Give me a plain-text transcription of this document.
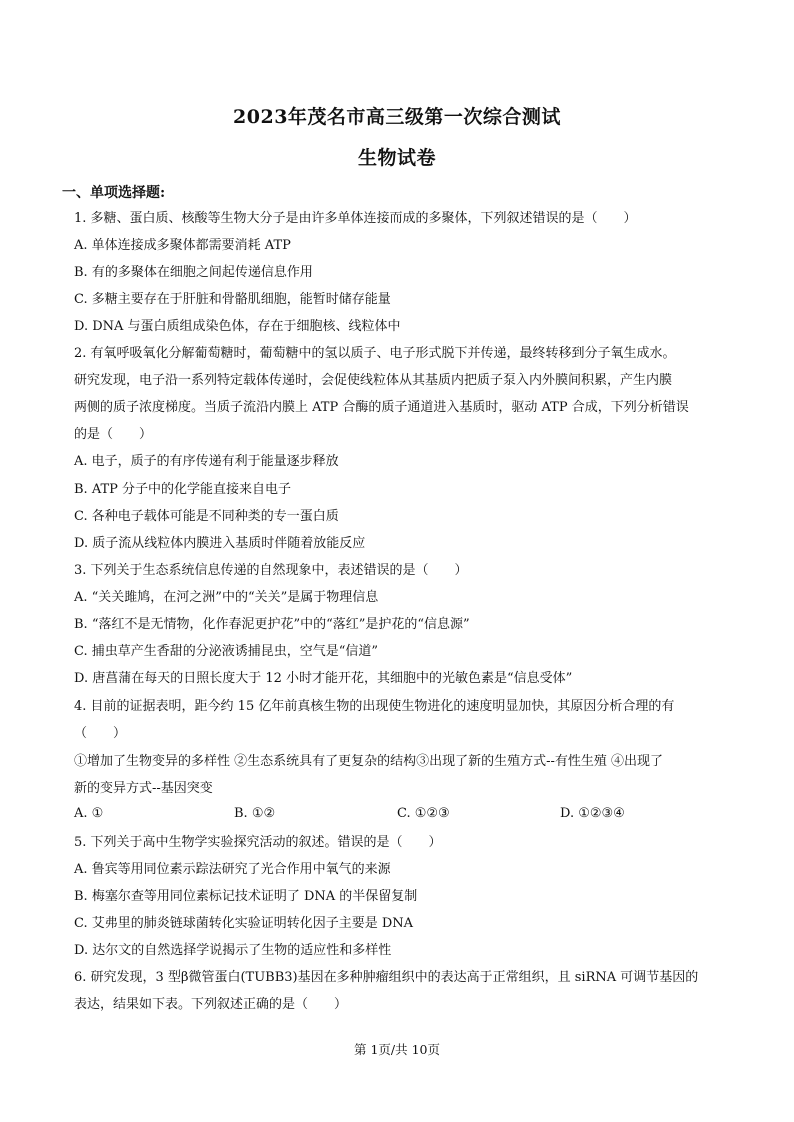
2023年茂名市高三级第一次综合测试
生物试卷
一、单项选择题:
1. 多糖、蛋白质、核酸等生物大分子是由许多单体连接而成的多聚体，下列叙述错误的是（　　）
A. 单体连接成多聚体都需要消耗 ATP
B. 有的多聚体在细胞之间起传递信息作用
C. 多糖主要存在于肝脏和骨骼肌细胞，能暂时储存能量
D. DNA 与蛋白质组成染色体，存在于细胞核、线粒体中
2. 有氧呼吸氧化分解葡萄糖时，葡萄糖中的氢以质子、电子形式脱下并传递，最终转移到分子氧生成水。
研究发现，电子沿一系列特定载体传递时，会促使线粒体从其基质内把质子泵入内外膜间积累，产生内膜
两侧的质子浓度梯度。当质子流沿内膜上 ATP 合酶的质子通道进入基质时，驱动 ATP 合成，下列分析错误
的是（　　）
A. 电子，质子的有序传递有利于能量逐步释放
B. ATP 分子中的化学能直接来自电子
C. 各种电子载体可能是不同种类的专一蛋白质
D. 质子流从线粒体内膜进入基质时伴随着放能反应
3. 下列关于生态系统信息传递的自然现象中，表述错误的是（　　）
A. “关关雎鸠，在河之洲”中的“关关”是属于物理信息
B. “落红不是无情物，化作春泥更护花”中的“落红”是护花的“信息源”
C. 捕虫草产生香甜的分泌液诱捕昆虫，空气是“信道”
D. 唐菖蒲在每天的日照长度大于 12 小时才能开花，其细胞中的光敏色素是“信息受体”
4. 目前的证据表明，距今约 15 亿年前真核生物的出现使生物进化的速度明显加快，其原因分析合理的有
（　　）
①增加了生物变异的多样性 ②生态系统具有了更复杂的结构③出现了新的生殖方式--有性生殖 ④出现了
新的变异方式--基因突变
A. ①	B. ①②	C. ①②③	D. ①②③④
5. 下列关于高中生物学实验探究活动的叙述。错误的是（　　）
A. 鲁宾等用同位素示踪法研究了光合作用中氧气的来源
B. 梅塞尔查等用同位素标记技术证明了 DNA 的半保留复制
C. 艾弗里的肺炎链球菌转化实验证明转化因子主要是 DNA
D. 达尔文的自然选择学说揭示了生物的适应性和多样性
6. 研究发现，3 型β微管蛋白(TUBB3)基因在多种肿瘤组织中的表达高于正常组织，且 siRNA 可调节基因的
表达，结果如下表。下列叙述正确的是（　　）
第 1页/共 10页
